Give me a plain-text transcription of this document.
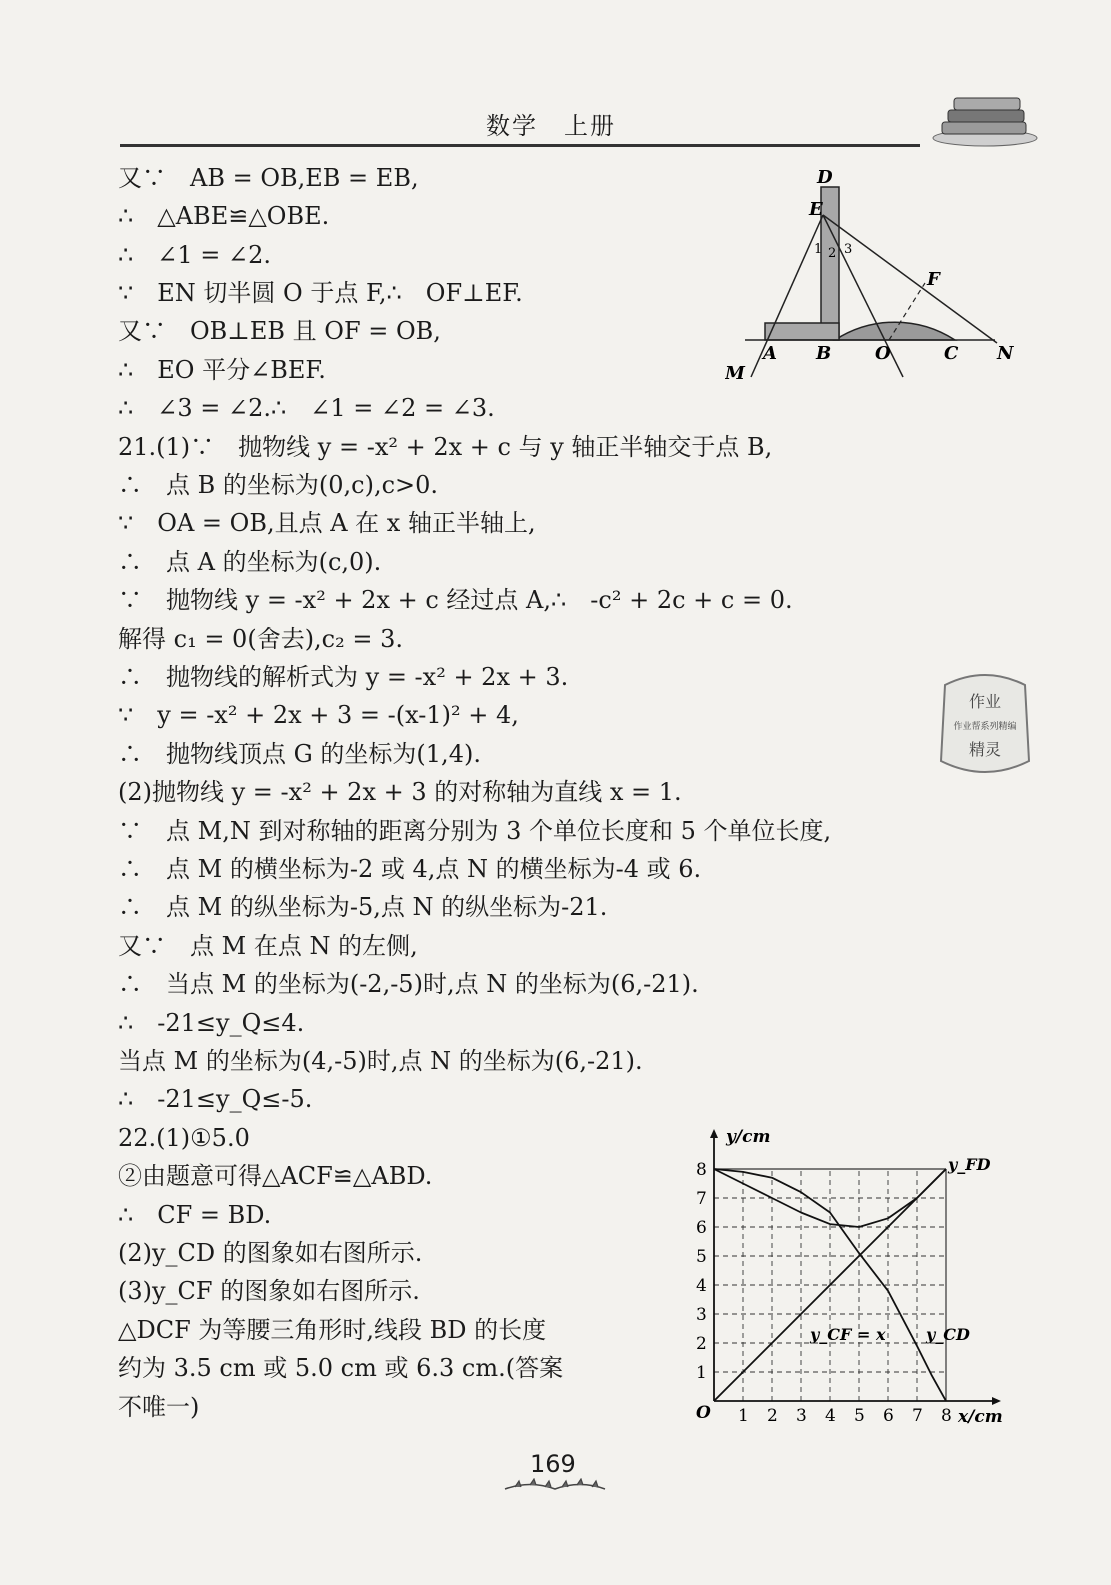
数学　上册
又∵　AB = OB,EB = EB,
∴　△ABE≌△OBE.
∴　∠1 = ∠2.
∵　EN 切半圆 O 于点 F,∴　OF⊥EF.
又∵　OB⊥EB 且 OF = OB,
∴　EO 平分∠BEF.
∴　∠3 = ∠2.∴　∠1 = ∠2 = ∠3.
21.(1)∵　抛物线 y = -x² + 2x + c 与 y 轴正半轴交于点 B,
∴　点 B 的坐标为(0,c),c>0.
∵　OA = OB,且点 A 在 x 轴正半轴上,
∴　点 A 的坐标为(c,0).
∵　抛物线 y = -x² + 2x + c 经过点 A,∴　-c² + 2c + c = 0.
解得 c₁ = 0(舍去),c₂ = 3.
∴　抛物线的解析式为 y = -x² + 2x + 3.
∵　y = -x² + 2x + 3 = -(x-1)² + 4,
∴　抛物线顶点 G 的坐标为(1,4).
(2)抛物线 y = -x² + 2x + 3 的对称轴为直线 x = 1.
∵　点 M,N 到对称轴的距离分别为 3 个单位长度和 5 个单位长度,
∴　点 M 的横坐标为-2 或 4,点 N 的横坐标为-4 或 6.
∴　点 M 的纵坐标为-5,点 N 的纵坐标为-21.
又∵　点 M 在点 N 的左侧,
∴　当点 M 的坐标为(-2,-5)时,点 N 的坐标为(6,-21).
∴　-21≤y_Q≤4.
当点 M 的坐标为(4,-5)时,点 N 的坐标为(6,-21).
∴　-21≤y_Q≤-5.
22.(1)①5.0
②由题意可得△ACF≌△ABD.
∴　CF = BD.
(2)y_CD 的图象如右图所示.
(3)y_CF 的图象如右图所示.
△DCF 为等腰三角形时,线段 BD 的长度
约为 3.5 cm 或 5.0 cm 或 6.3 cm.(答案
不唯一)
D
E
1 2 3
F
A B O	C N
M
作业
作业帮系列精编
精灵
y/cm
x/cm
O 1 2 3 4 5 6 7 8
1
2
3
4
5
6
7
8	y_FD
y_CF = x	y_CD
169
